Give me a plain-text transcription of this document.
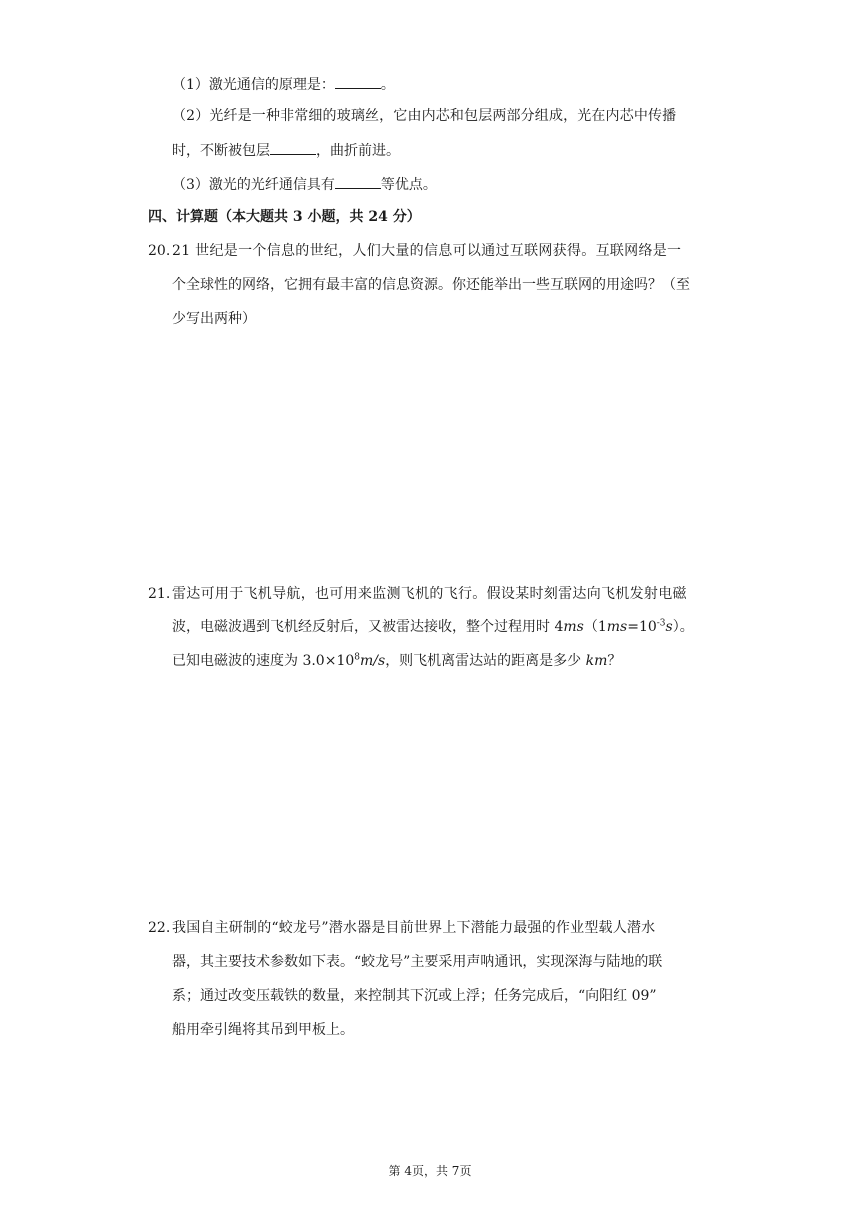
（1）激光通信的原理是：	。
（2）光纤是一种非常细的玻璃丝，它由内芯和包层两部分组成，光在内芯中传播
时，不断被包层	，曲折前进。
（3）激光的光纤通信具有	等优点。
四、计算题（本大题共 3 小题，共 24 分）
20. 21 世纪是一个信息的世纪，人们大量的信息可以通过互联网获得。互联网络是一
个全球性的网络，它拥有最丰富的信息资源。你还能举出一些互联网的用途吗？（至
少写出两种）
21. 雷达可用于飞机导航，也可用来监测飞机的飞行。假设某时刻雷达向飞机发射电磁
波，电磁波遇到飞机经反射后，又被雷达接收，整个过程用时 $4ms(1ms=10^{-3}s)$。
已知电磁波的速度为 $3.0\times 10^8m/s$，则飞机离雷达站的距离是多少 km？
22. 我国自主研制的“蛟龙号”潜水器是目前世界上下潜能力最强的作业型载人潜水
器，其主要技术参数如下表。“蛟龙号”主要采用声呐通讯，实现深海与陆地的联
系；通过改变压载铁的数量，来控制其下沉或上浮；任务完成后，“向阳红 09”
船用牵引绳将其吊到甲板上。
第 4页，共 7页
